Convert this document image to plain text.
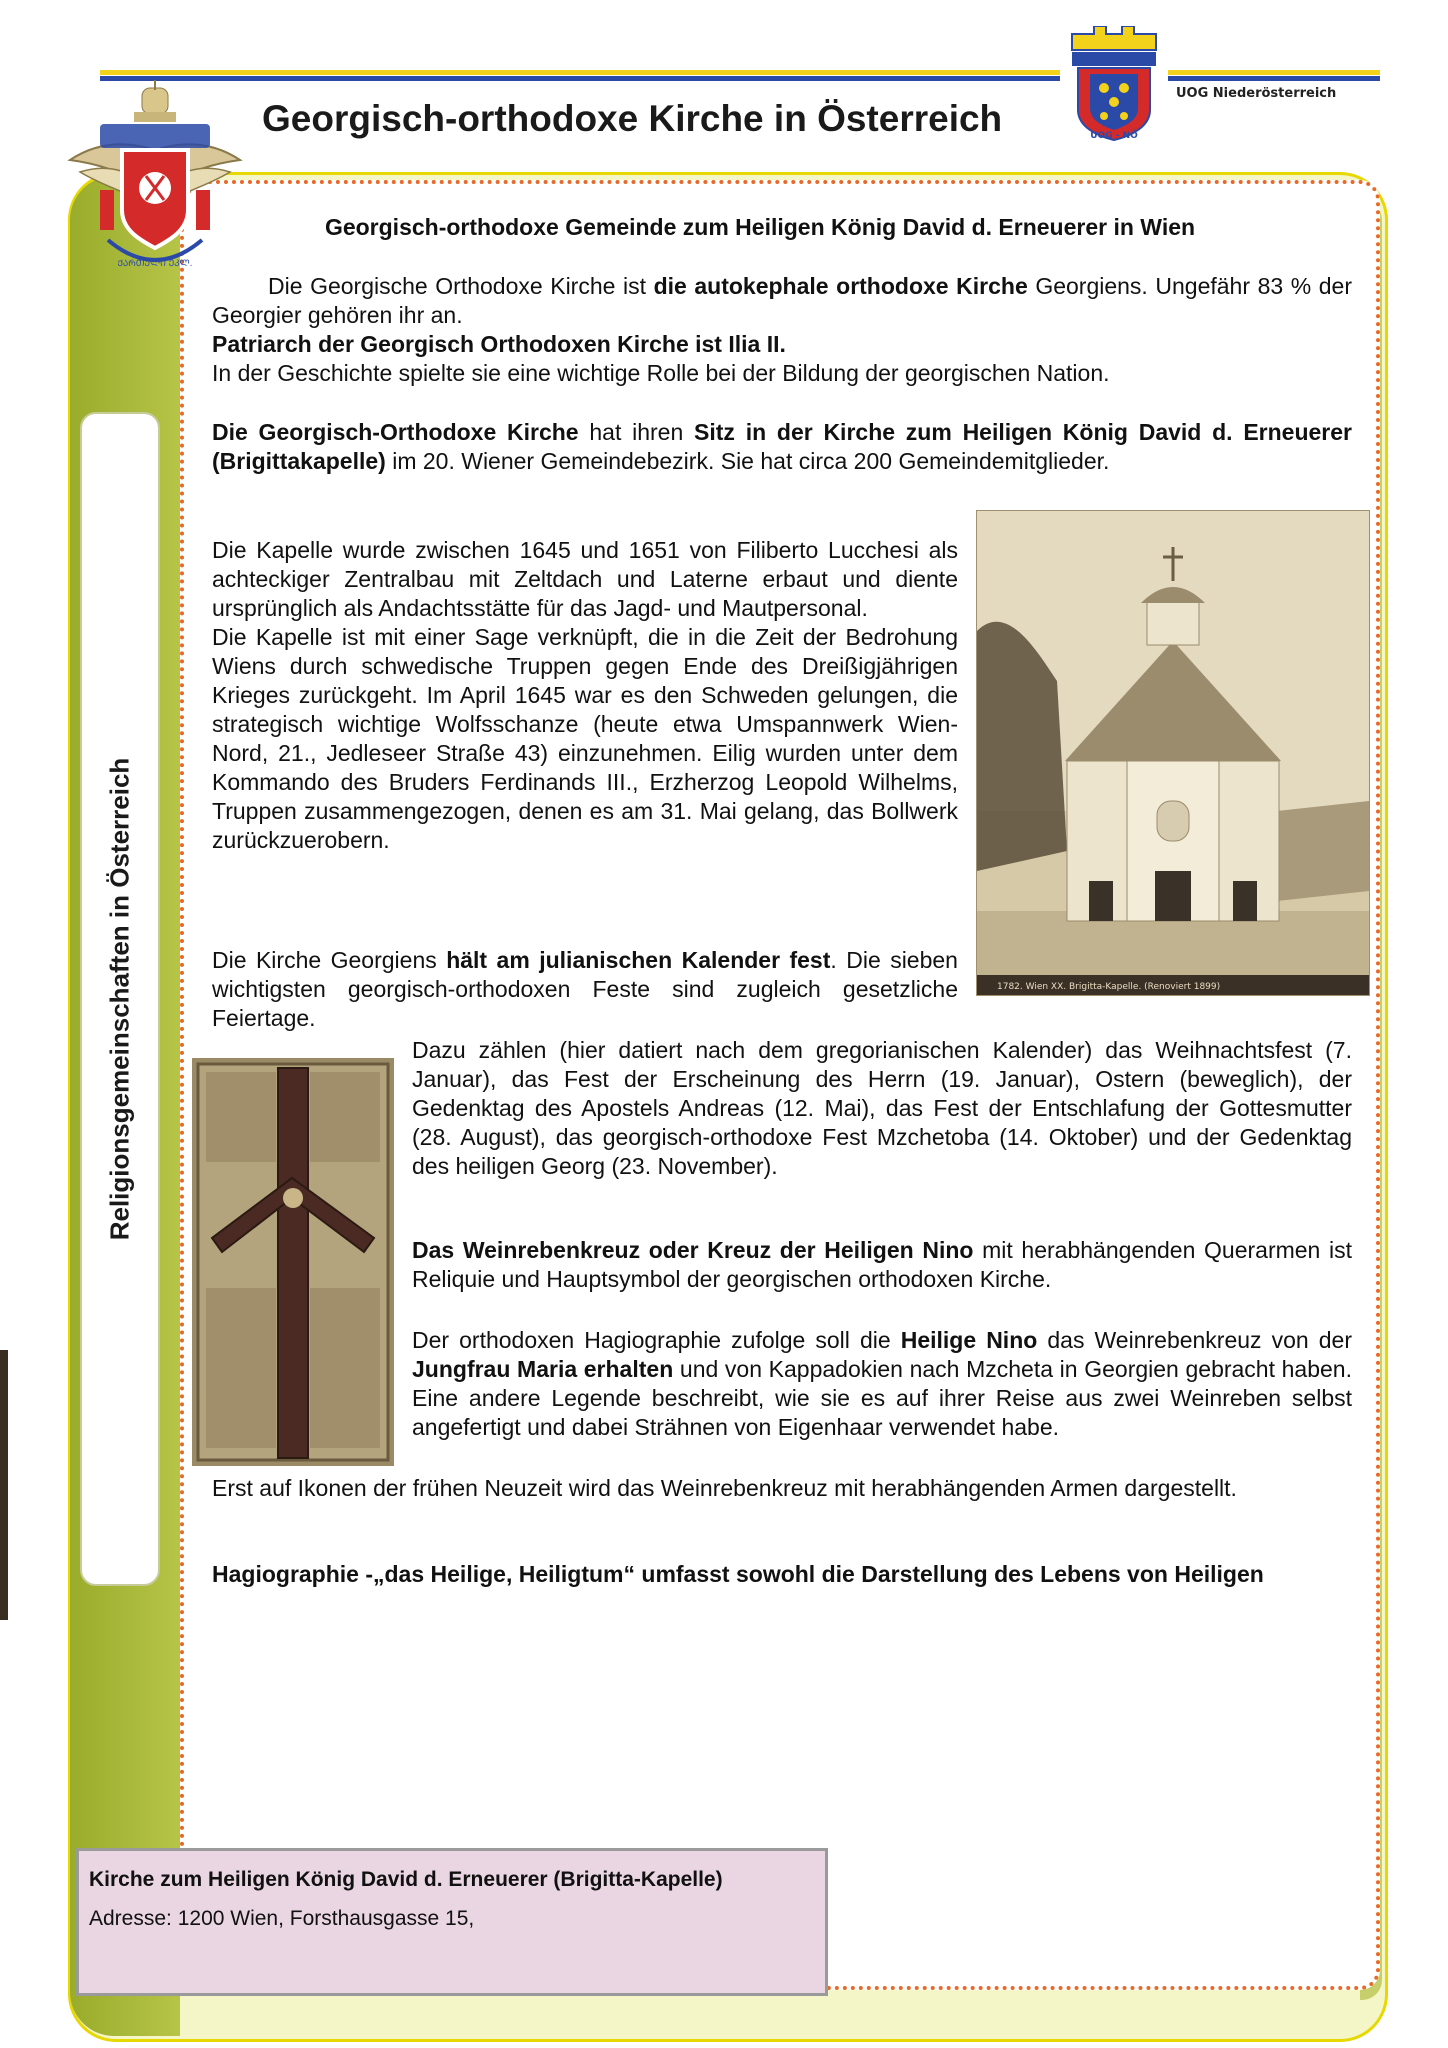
Religionsgemeinschaften in Österreich
Georgisch-orthodoxe Kirche in Österreich
UOG Niederösterreich
ᲥᲐᲠᲗᲣᲚᲘ ᲔᲙᲚ.
UOG - NÖ
Georgisch-orthodoxe Gemeinde zum Heiligen König David d. Erneuerer in Wien

Die Georgische Orthodoxe Kirche ist die autokephale orthodoxe Kirche Georgiens. Ungefähr 83 % der Georgier gehören ihr an.

Patriarch der Georgisch Orthodoxen Kirche ist Ilia II.

In der Geschichte spielte sie eine wichtige Rolle bei der Bildung der georgischen Nation.

Die Georgisch-Orthodoxe Kirche hat ihren Sitz in der Kirche zum Heiligen König David d. Erneuerer (Brigittakapelle) im 20. Wiener Gemeindebezirk. Sie hat circa 200 Gemeindemitglieder.

Die Kapelle wurde zwischen 1645 und 1651 von Filiberto Lucchesi als achteckiger Zentralbau mit Zeltdach und Laterne erbaut und diente ursprünglich als Andachtsstätte für das Jagd- und Mautpersonal.

Die Kapelle ist mit einer Sage verknüpft, die in die Zeit der Bedrohung Wiens durch schwedische Truppen gegen Ende des Dreißigjährigen Krieges zurückgeht. Im April 1645 war es den Schweden gelungen, die strategisch wichtige Wolfsschanze (heute etwa Umspannwerk Wien-Nord, 21., Jedleseer Straße 43) einzunehmen. Eilig wurden unter dem Kommando des Bruders Ferdinands III., Erzherzog Leopold Wilhelms, Truppen zusammengezogen, denen es am 31. Mai gelang, das Bollwerk zurückzuerobern.

Die Kirche Georgiens hält am julianischen Kalender fest. Die sieben wichtigsten georgisch-orthodoxen Feste sind zugleich gesetzliche Feiertage.

Dazu zählen (hier datiert nach dem gregorianischen Kalender) das Weihnachtsfest (7. Januar), das Fest der Erscheinung des Herrn (19. Januar), Ostern (beweglich), der Gedenktag des Apostels Andreas (12. Mai), das Fest der Entschlafung der Gottesmutter (28. August), das georgisch-orthodoxe Fest Mzchetoba (14. Oktober) und der Gedenktag des heiligen Georg (23. November).

Das Weinrebenkreuz oder Kreuz der Heiligen Nino mit herabhängenden Querarmen ist Reliquie und Hauptsymbol der georgischen orthodoxen Kirche.

Der orthodoxen Hagiographie zufolge soll die Heilige Nino das Weinrebenkreuz von der Jungfrau Maria erhalten und von Kappadokien nach Mzcheta in Georgien gebracht haben. Eine andere Legende beschreibt, wie sie es auf ihrer Reise aus zwei Weinreben selbst angefertigt und dabei Strähnen von Eigenhaar verwendet habe.

Erst auf Ikonen der frühen Neuzeit wird das Weinrebenkreuz mit herabhängenden Armen dargestellt.

Hagiographie -„das Heilige, Heiligtum“ umfasst sowohl die Darstellung des Lebens von Heiligen

1782. Wien XX. Brigitta-Kapelle. (Renoviert 1899)
Kirche zum Heiligen König David d. Erneuerer (Brigitta-Kapelle)
Adresse: 1200 Wien, Forsthausgasse 15,
